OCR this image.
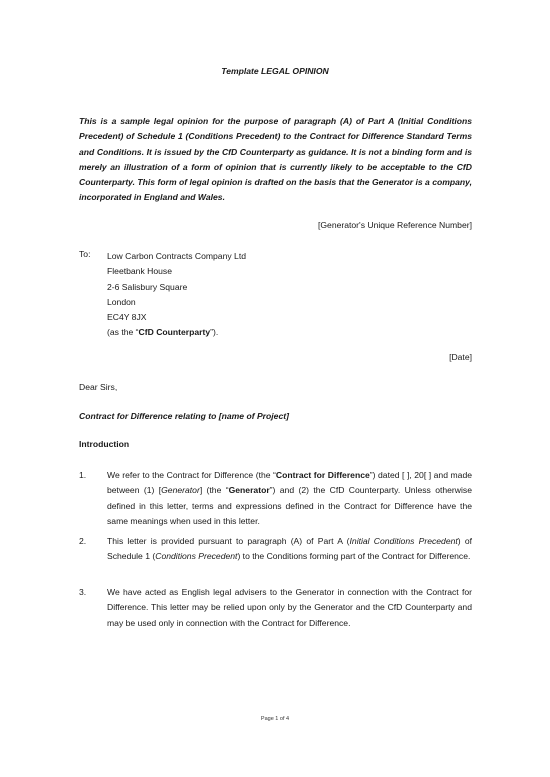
Template LEGAL OPINION
This is a sample legal opinion for the purpose of paragraph (A) of Part A (Initial Conditions Precedent) of Schedule 1 (Conditions Precedent) to the Contract for Difference Standard Terms and Conditions. It is issued by the CfD Counterparty as guidance. It is not a binding form and is merely an illustration of a form of opinion that is currently likely to be acceptable to the CfD Counterparty. This form of legal opinion is drafted on the basis that the Generator is a company, incorporated in England and Wales.
[Generator's Unique Reference Number]
To: Low Carbon Contracts Company Ltd
Fleetbank House
2-6 Salisbury Square
London
EC4Y 8JX
(as the “CfD Counterparty”).
[Date]
Dear Sirs,
Contract for Difference relating to [name of Project]
Introduction
1. We refer to the Contract for Difference (the “Contract for Difference”) dated [ ], 20[ ] and made between (1) [Generator] (the “Generator”) and (2) the CfD Counterparty. Unless otherwise defined in this letter, terms and expressions defined in the Contract for Difference have the same meanings when used in this letter.
2. This letter is provided pursuant to paragraph (A) of Part A (Initial Conditions Precedent) of Schedule 1 (Conditions Precedent) to the Conditions forming part of the Contract for Difference.
3. We have acted as English legal advisers to the Generator in connection with the Contract for Difference. This letter may be relied upon only by the Generator and the CfD Counterparty and may be used only in connection with the Contract for Difference.
Page 1 of 4
